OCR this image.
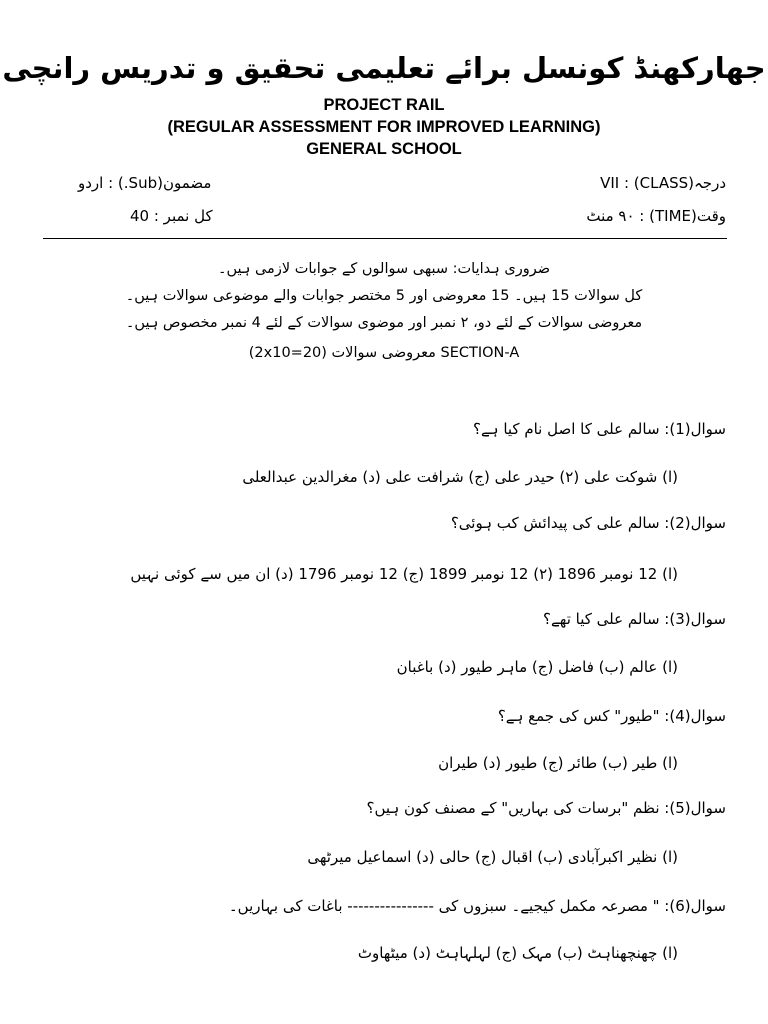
جھارکھنڈ کونسل برائے تعلیمی تحقیق و تدریس رانچی
PROJECT RAIL
(REGULAR ASSESSMENT FOR IMPROVED LEARNING)
GENERAL SCHOOL
درجہ(CLASS) : VII
مضمون(Sub.) : اردو
وقت(TIME) : ۹۰ منٹ
کل نمبر : 40
ضروری ہدایات: سبھی سوالوں کے جوابات لازمی ہیں۔
کل سوالات 15 ہیں۔ 15 معروضی اور 5 مختصر جوابات والے موضوعی سوالات ہیں۔
معروضی سوالات کے لئے دو، ۲ نمبر اور موضوی سوالات کے لئے 4 نمبر مخصوص ہیں۔
(2x10=20) معروضی سوالات SECTION-A
سوال(1): سالم علی کا اصل نام کیا ہے؟
(ا) شوکت علی (۲) حیدر علی (ج) شرافت علی (د) مغرالدین عبدالعلی
سوال(2): سالم علی کی پیدائش کب ہوئی؟
(ا) 12 نومبر 1896 (۲) 12 نومبر 1899 (ج) 12 نومبر 1796 (د) ان میں سے کوئی نہیں
سوال(3): سالم علی کیا تھے؟
(ا) عالم (ب) فاضل (ج) ماہر طیور (د) باغبان
سوال(4): "طیور" کس کی جمع ہے؟
(ا) طیر (ب) طائر (ج) طیور (د) طیران
سوال(5): نظم "برسات کی بہاریں" کے مصنف کون ہیں؟
(ا) نظیر اکبرآبادی (ب) اقبال (ج) حالی (د) اسماعیل میرٹھی
سوال(6): " مصرعہ مکمل کیجیے۔ سبزوں کی ---------------- باغات کی بہاریں۔
(ا) چھنچھناہٹ (ب) مہک (ج) لہلہاہٹ (د) میٹھاوٹ
